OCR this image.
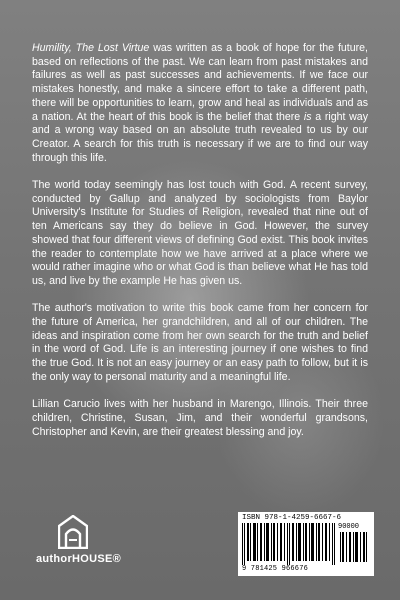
Humility, The Lost Virtue was written as a book of hope for the future, based on reflections of the past. We can learn from past mistakes and failures as well as past successes and achievements. If we face our mistakes honestly, and make a sincere effort to take a different path, there will be opportunities to learn, grow and heal as individuals and as a nation. At the heart of this book is the belief that there is a right way and a wrong way based on an absolute truth revealed to us by our Creator. A search for this truth is necessary if we are to find our way through this life.

The world today seemingly has lost touch with God. A recent survey, conducted by Gallup and analyzed by sociologists from Baylor University's Institute for Studies of Religion, revealed that nine out of ten Americans say they do believe in God. However, the survey showed that four different views of defining God exist. This book invites the reader to contemplate how we have arrived at a place where we would rather imagine who or what God is than believe what He has told us, and live by the example He has given us.

The author's motivation to write this book came from her concern for the future of America, her grandchildren, and all of our children. The ideas and inspiration come from her own search for the truth and belief in the word of God. Life is an interesting journey if one wishes to find the true God. It is not an easy journey or an easy path to follow, but it is the only way to personal maturity and a meaningful life.

Lillian Carucio lives with her husband in Marengo, Illinois. Their three children, Christine, Susan, Jim, and their wonderful grandsons, Christopher and Kevin, are their greatest blessing and joy.

authorHOUSE®
ISBN 978-1-4259-6667-6
90000
9 781425 966676
